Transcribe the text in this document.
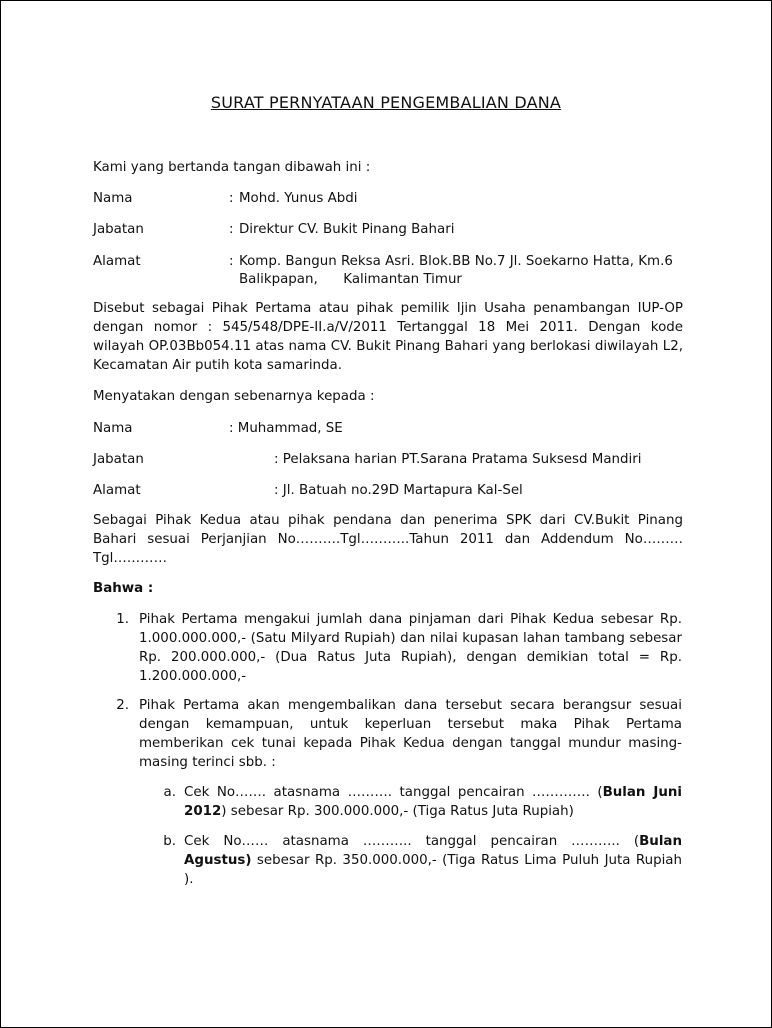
SURAT PERNYATAAN PENGEMBALIAN DANA
Kami yang bertanda tangan dibawah ini :
Nama	: Mohd. Yunus Abdi
Jabatan	: Direktur CV. Bukit Pinang Bahari
Alamat	: Komp. Bangun Reksa Asri. Blok.BB No.7 Jl. Soekarno Hatta, Km.6
Balikpapan,      Kalimantan Timur
Disebut sebagai Pihak Pertama atau pihak pemilik Ijin Usaha penambangan IUP-OP dengan nomor : 545/548/DPE-II.a/V/2011 Tertanggal 18 Mei 2011. Dengan kode wilayah OP.03Bb054.11 atas nama CV. Bukit Pinang Bahari yang berlokasi diwilayah L2, Kecamatan Air putih kota samarinda.
Menyatakan dengan sebenarnya kepada :
Nama	: Muhammad, SE
Jabatan	: Pelaksana harian PT.Sarana Pratama Suksesd Mandiri
Alamat	: Jl. Batuah no.29D Martapura Kal-Sel
Sebagai Pihak Kedua atau pihak pendana dan penerima SPK dari CV.Bukit Pinang Bahari sesuai Perjanjian No……….Tgl………..Tahun 2011 dan Addendum No………Tgl…………
Bahwa :
1. Pihak Pertama mengakui jumlah dana pinjaman dari Pihak Kedua sebesar Rp. 1.000.000.000,- (Satu Milyard Rupiah) dan nilai kupasan lahan tambang sebesar Rp. 200.000.000,- (Dua Ratus Juta Rupiah), dengan demikian total = Rp. 1.200.000.000,-
2. Pihak Pertama akan mengembalikan dana tersebut secara berangsur sesuai dengan kemampuan, untuk keperluan tersebut maka Pihak Pertama memberikan cek tunai kepada Pihak Kedua dengan tanggal mundur masing-masing terinci sbb. :
a. Cek No……. atasnama ………. tanggal pencairan …………. (Bulan Juni 2012) sebesar Rp. 300.000.000,- (Tiga Ratus Juta Rupiah)
b. Cek No…… atasnama ……….. tanggal pencairan ……….. (Bulan Agustus) sebesar Rp. 350.000.000,- (Tiga Ratus Lima Puluh Juta Rupiah ).
